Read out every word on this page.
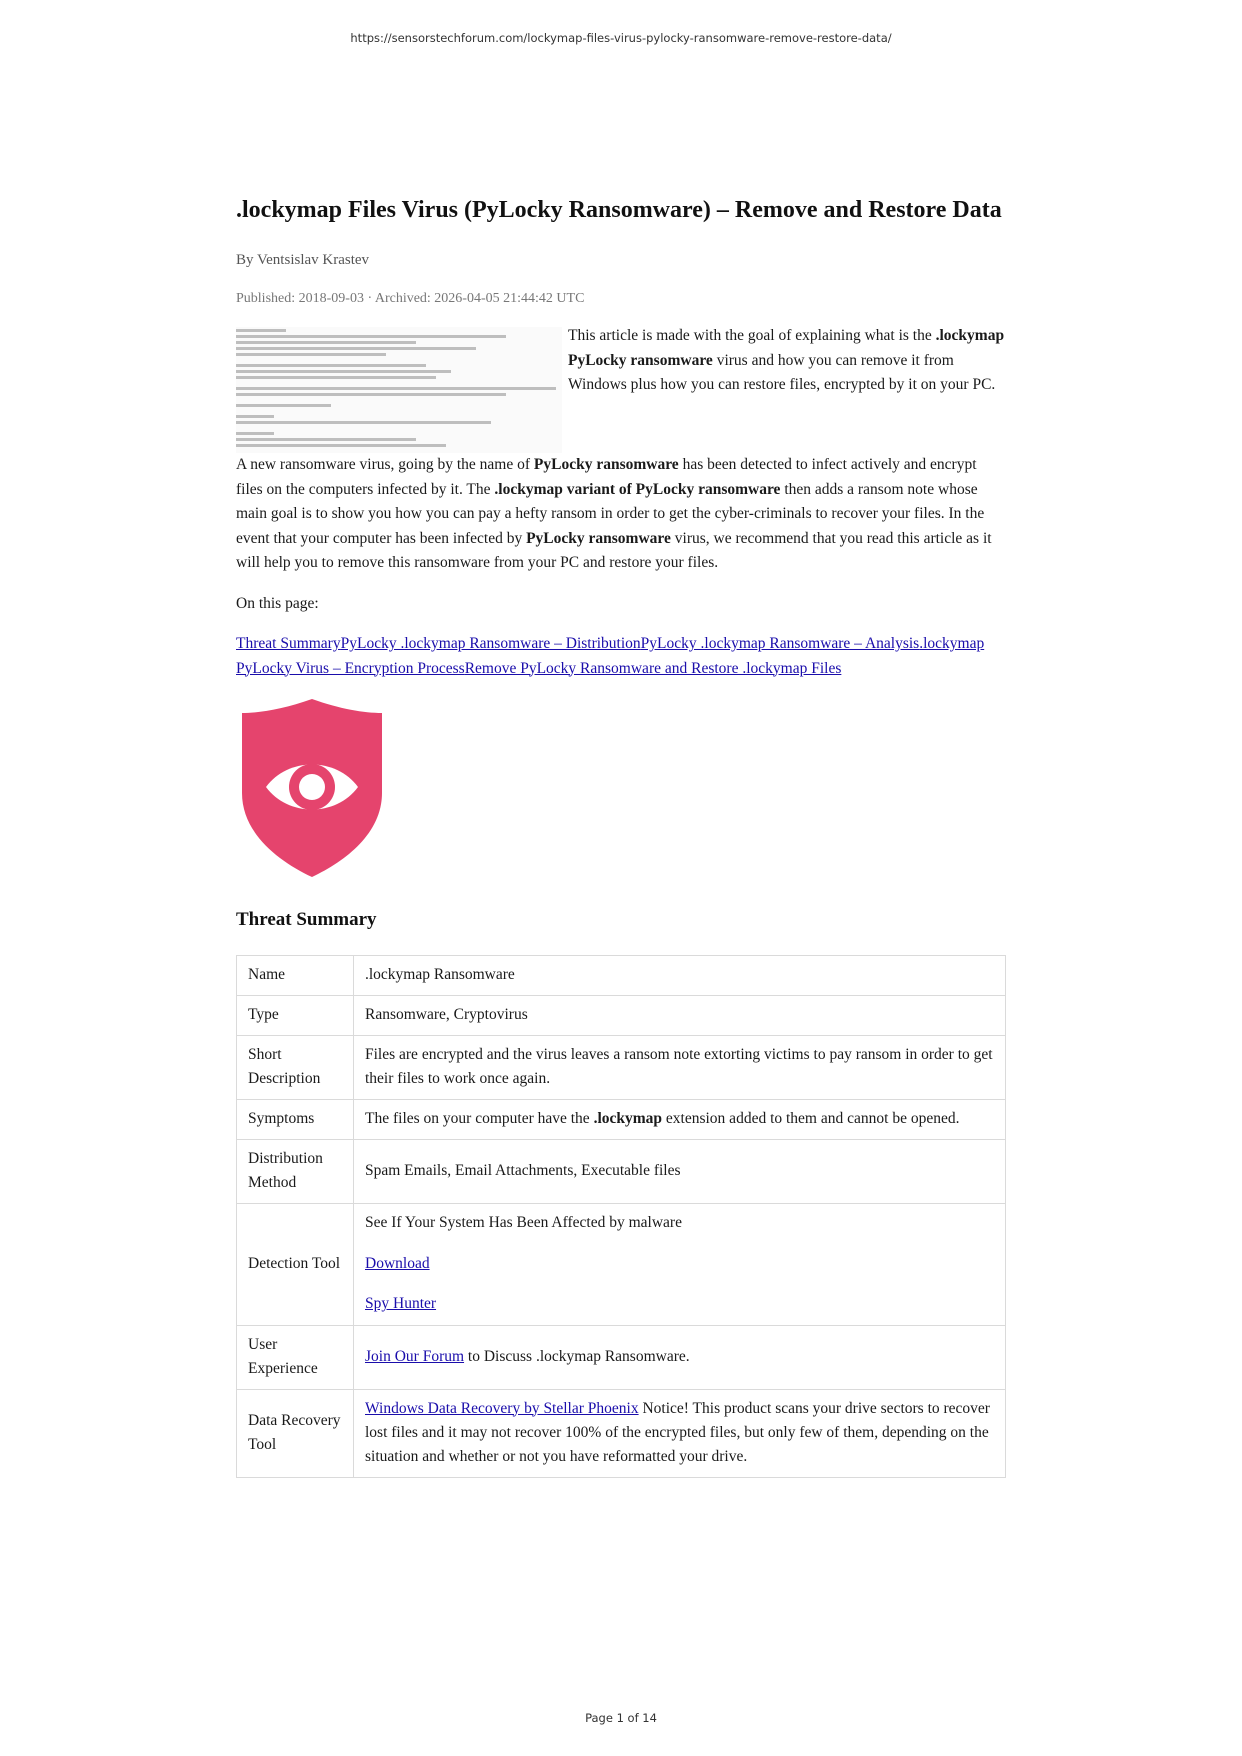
https://sensorstechforum.com/lockymap-files-virus-pylocky-ransomware-remove-restore-data/
.lockymap Files Virus (PyLocky Ransomware) – Remove and Restore Data
By Ventsislav Krastev
Published: 2018-09-03 · Archived: 2026-04-05 21:44:42 UTC

This article is made with the goal of explaining what is the .lockymap PyLocky ransomware virus and how you can remove it from Windows plus how you can restore files, encrypted by it on your PC.

A new ransomware virus, going by the name of PyLocky ransomware has been detected to infect actively and encrypt files on the computers infected by it. The .lockymap variant of PyLocky ransomware then adds a ransom note whose main goal is to show you how you can pay a hefty ransom in order to get the cyber-criminals to recover your files. In the event that your computer has been infected by PyLocky ransomware virus, we recommend that you read this article as it will help you to remove this ransomware from your PC and restore your files.

On this page:

Threat SummaryPyLocky .lockymap Ransomware – DistributionPyLocky .lockymap Ransomware – Analysis.lockymap PyLocky Virus – Encryption ProcessRemove PyLocky Ransomware and Restore .lockymap Files
Threat Summary
Name	.lockymap Ransomware
Type	Ransomware, Cryptovirus
Short Description	Files are encrypted and the virus leaves a ransom note extorting victims to pay ransom in order to get their files to work once again.
Symptoms	The files on your computer have the .lockymap extension added to them and cannot be opened.
Distribution Method	Spam Emails, Email Attachments, Executable files
Detection Tool	See If Your System Has Been Affected by malware

Download

Spy Hunter

User Experience	Join Our Forum to Discuss .lockymap Ransomware.
Data Recovery Tool	Windows Data Recovery by Stellar Phoenix Notice! This product scans your drive sectors to recover lost files and it may not recover 100% of the encrypted files, but only few of them, depending on the situation and whether or not you have reformatted your drive.
Page 1 of 14
